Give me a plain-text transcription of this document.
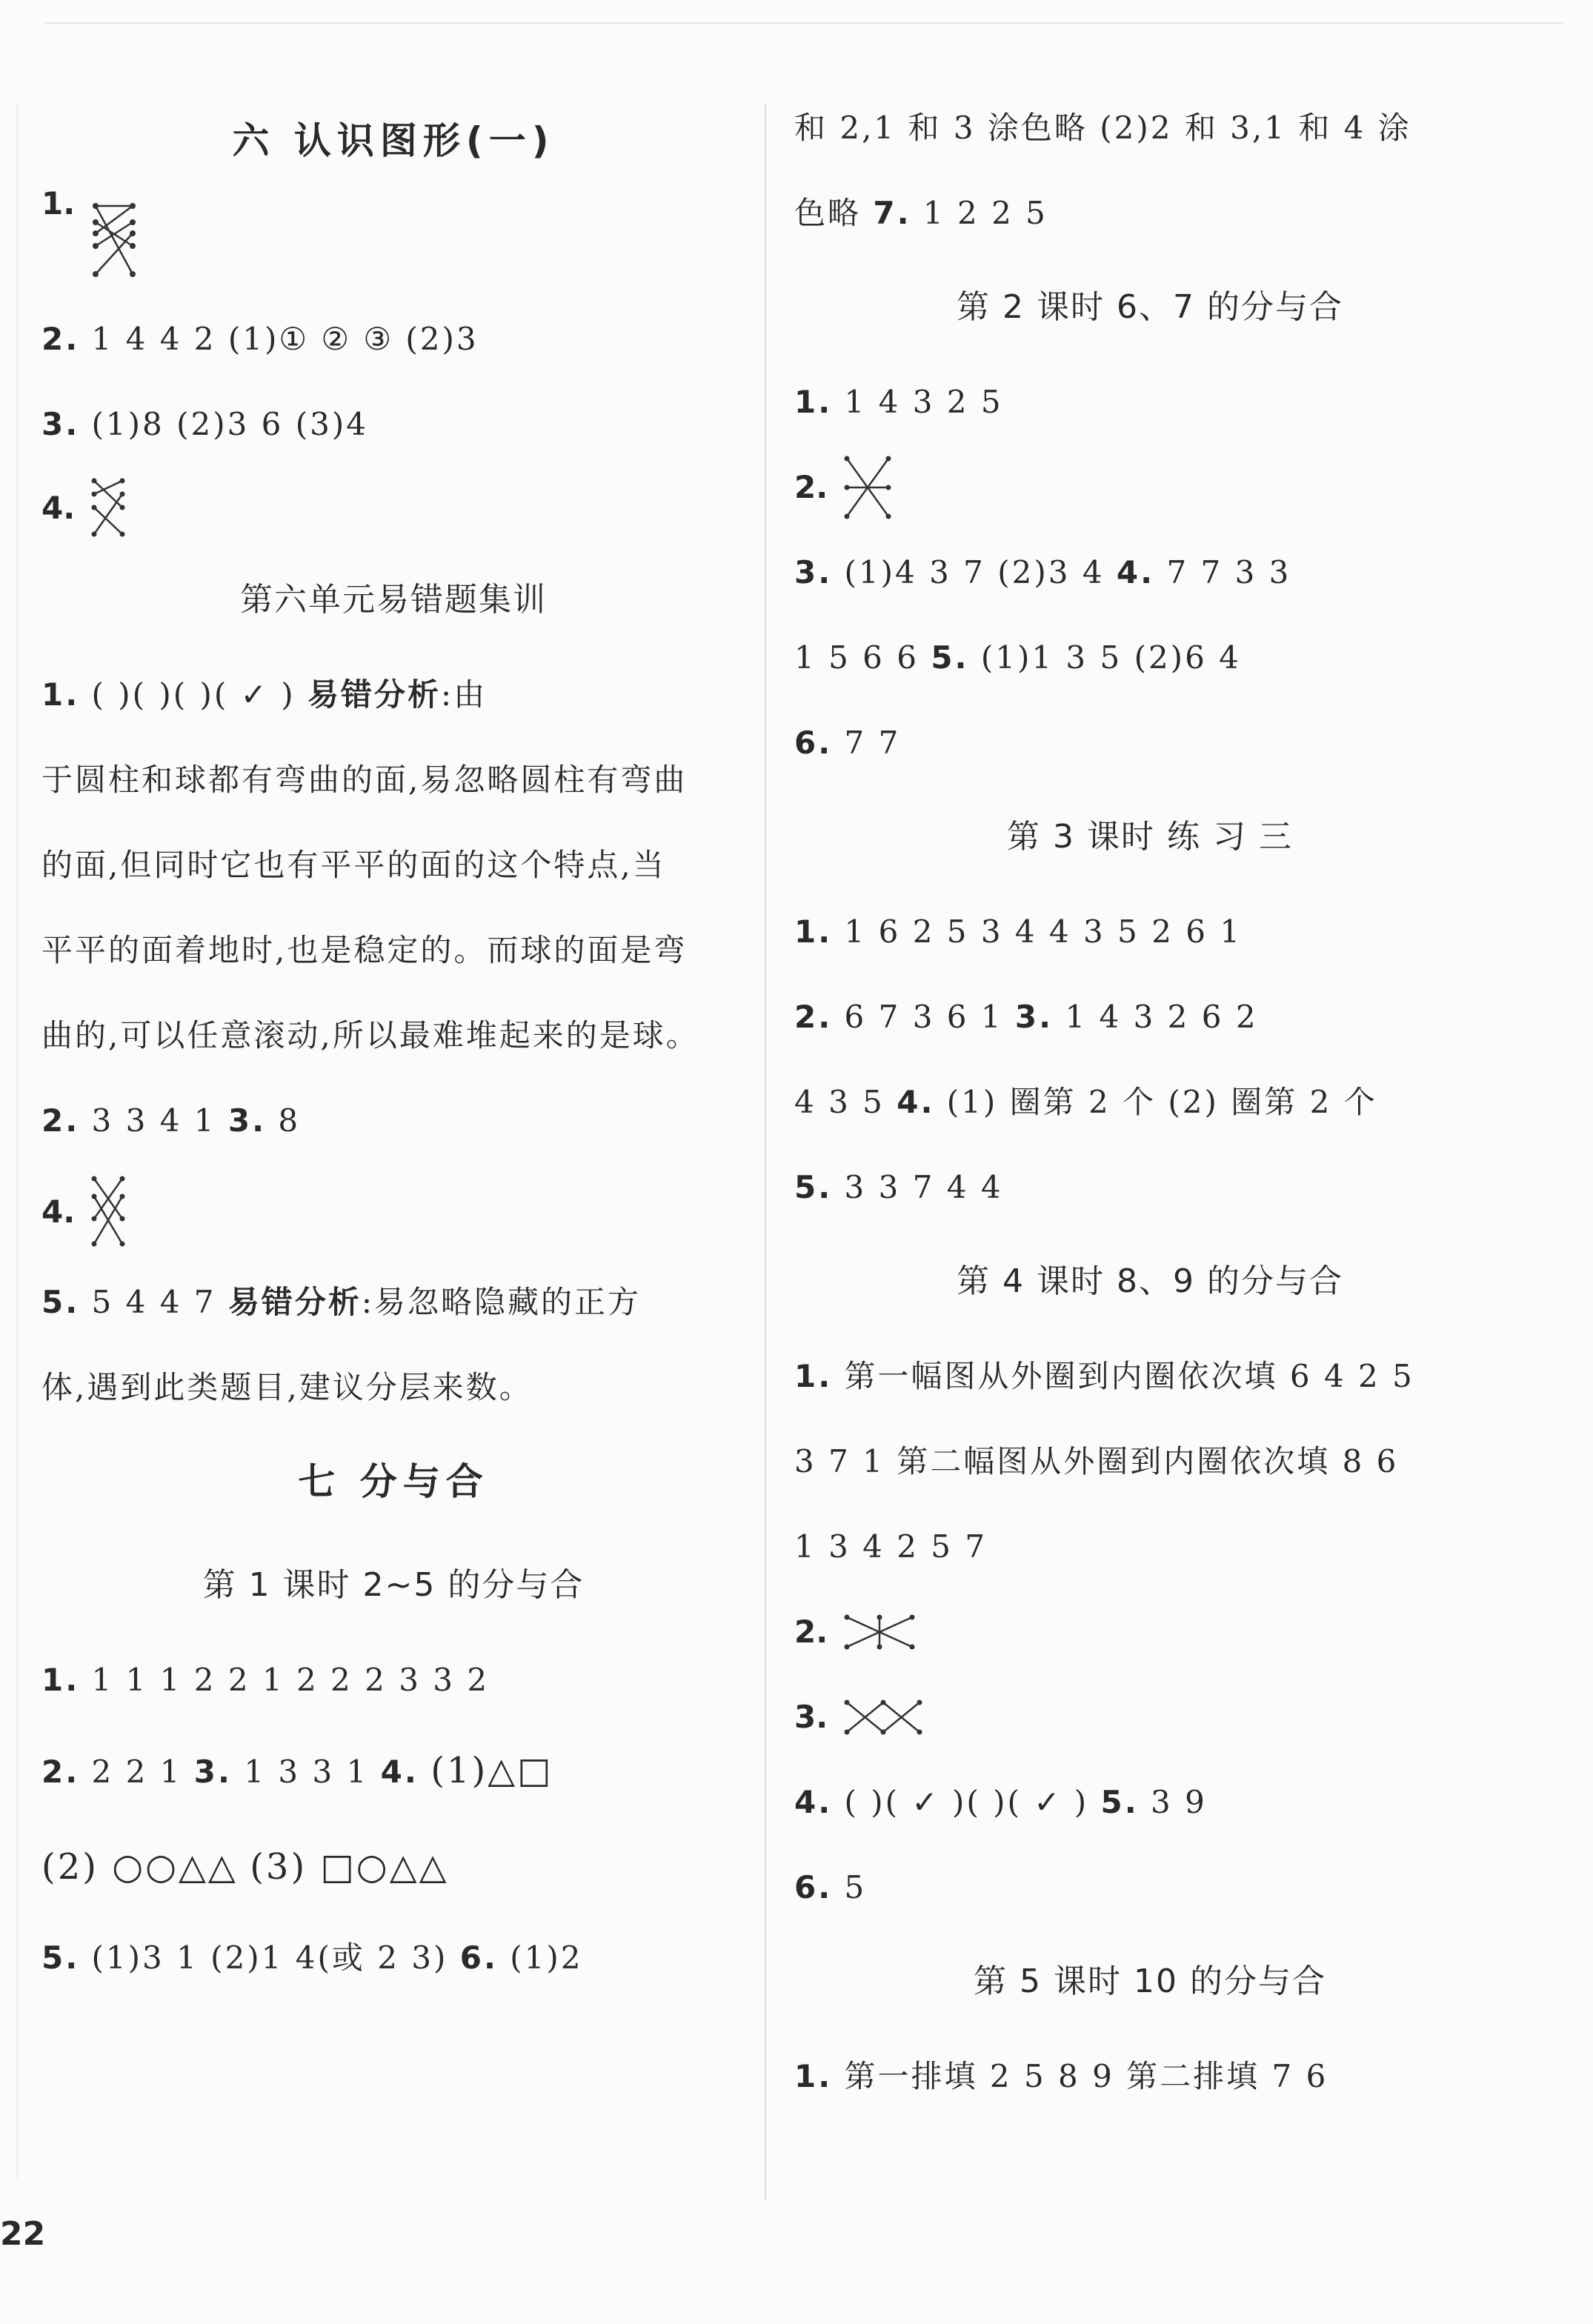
六 认识图形(一)
1.
2. 1 4 4 2 (1)① ② ③ (2)3
3. (1)8 (2)3 6 (3)4
4.
第六单元易错题集训
1. ( )( )( )( ✓ ) 易错分析:由
于圆柱和球都有弯曲的面,易忽略圆柱有弯曲
的面,但同时它也有平平的面的这个特点,当
平平的面着地时,也是稳定的。而球的面是弯
曲的,可以任意滚动,所以最难堆起来的是球。
2. 3 3 4 1 3. 8
4.
5. 5 4 4 7 易错分析:易忽略隐藏的正方
体,遇到此类题目,建议分层来数。
七 分与合
第 1 课时 2~5 的分与合
1. 1 1 1 2 2 1 2 2 2 3 3 2
2. 2 2 1 3. 1 3 3 1 4. (1)△□
(2) ○○△△ (3) □○△△
5. (1)3 1 (2)1 4(或 2 3) 6. (1)2
和 2,1 和 3 涂色略 (2)2 和 3,1 和 4 涂
色略 7. 1 2 2 5
第 2 课时 6、7 的分与合
1. 1 4 3 2 5
2.
3. (1)4 3 7 (2)3 4 4. 7 7 3 3
1 5 6 6 5. (1)1 3 5 (2)6 4
6. 7 7
第 3 课时 练 习 三
1. 1 6 2 5 3 4 4 3 5 2 6 1
2. 6 7 3 6 1 3. 1 4 3 2 6 2
4 3 5 4. (1) 圈第 2 个 (2) 圈第 2 个
5. 3 3 7 4 4
第 4 课时 8、9 的分与合
1. 第一幅图从外圈到内圈依次填 6 4 2 5
3 7 1 第二幅图从外圈到内圈依次填 8 6
1 3 4 2 5 7
2.
3.
4. ( )( ✓ )( )( ✓ ) 5. 3 9
6. 5
第 5 课时 10 的分与合
1. 第一排填 2 5 8 9 第二排填 7 6
22
